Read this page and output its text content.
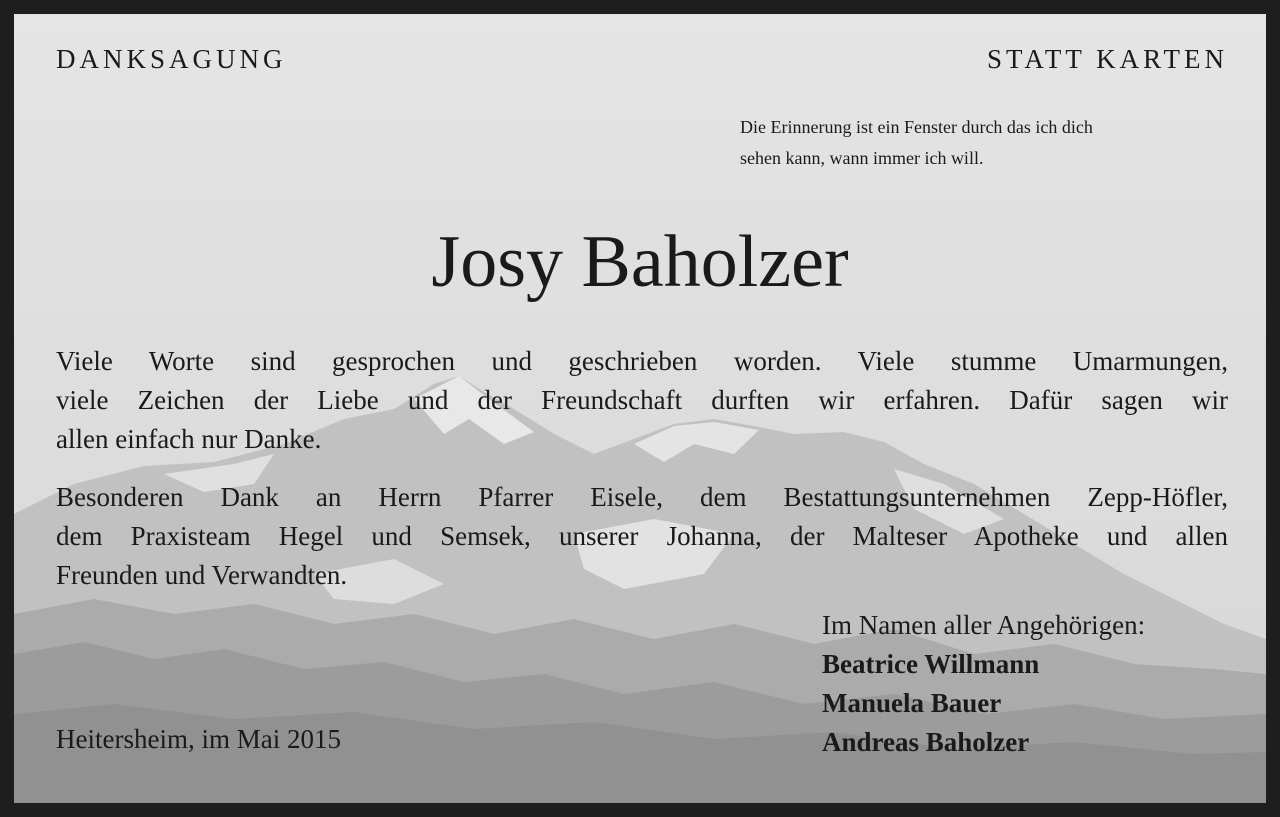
DANKSAGUNG	STATT KARTEN
Die Erinnerung ist ein Fenster durch das ich dich
sehen kann, wann immer ich will.
Josy Baholzer
Viele Worte sind gesprochen und geschrieben worden. Viele stumme Umarmungen,
viele Zeichen der Liebe und der Freundschaft durften wir erfahren. Dafür sagen wir
allen einfach nur Danke.
Besonderen Dank an Herrn Pfarrer Eisele, dem Bestattungsunternehmen Zepp-Höfler,
dem Praxisteam Hegel und Semsek, unserer Johanna, der Malteser Apotheke und allen
Freunden und Verwandten.
Im Namen aller Angehörigen:
Beatrice Willmann
Manuela Bauer
Andreas Baholzer
Heitersheim, im Mai 2015
